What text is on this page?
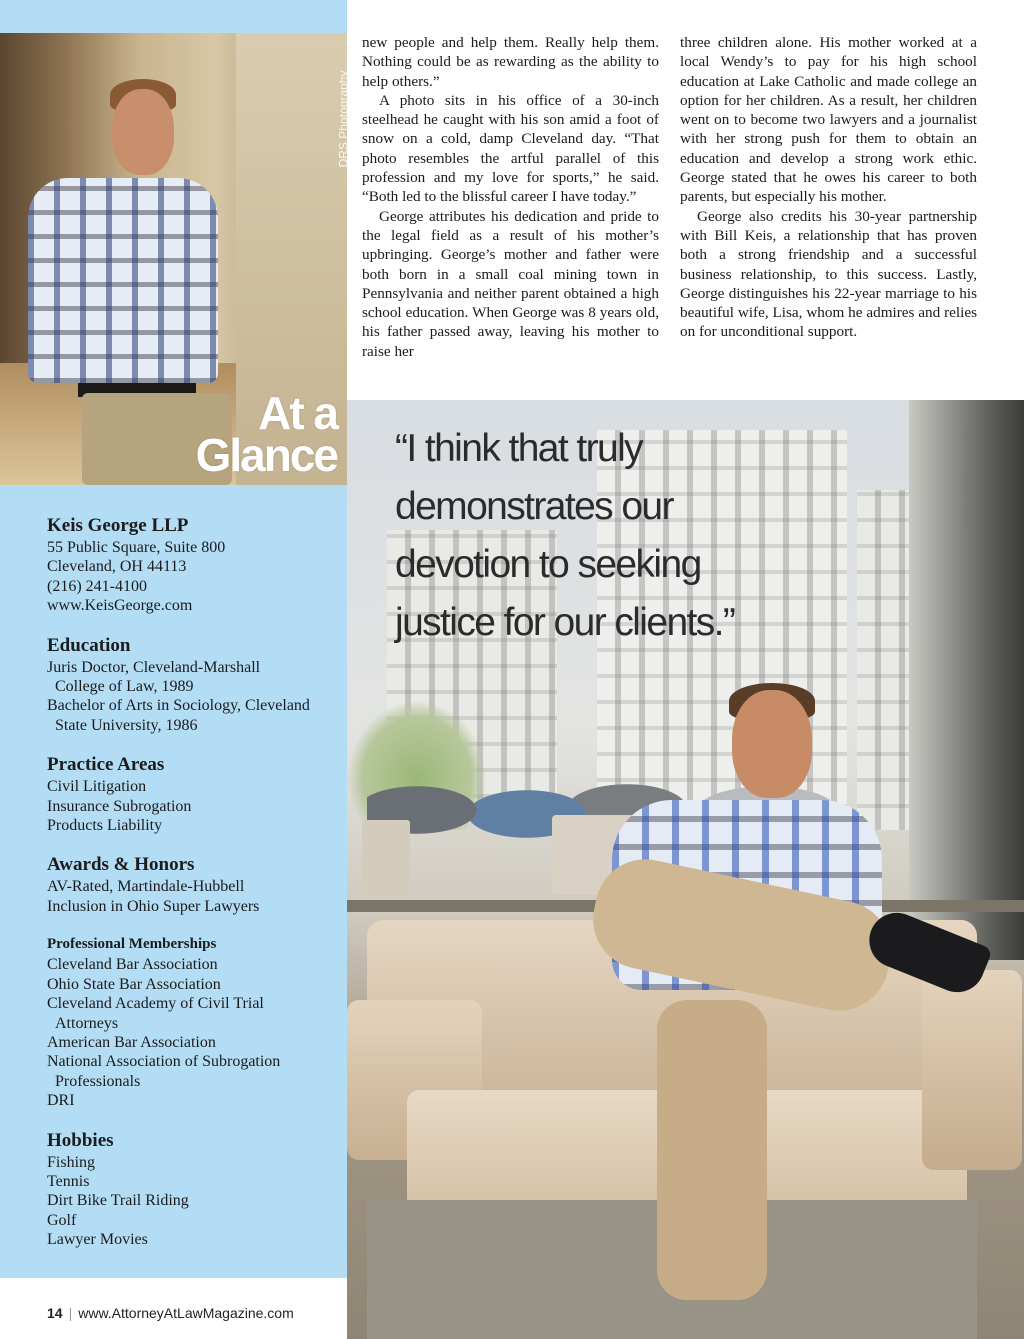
DRS Photography
At a
Glance
Keis George LLP
55 Public Square, Suite 800
Cleveland, OH 44113
(216) 241-4100
www.KeisGeorge.com
Education
Juris Doctor, Cleveland-Marshall
College of Law, 1989
Bachelor of Arts in Sociology, Cleveland
State University, 1986
Practice Areas
Civil Litigation
Insurance Subrogation
Products Liability
Awards & Honors
AV-Rated, Martindale-Hubbell
Inclusion in Ohio Super Lawyers
Professional Memberships
Cleveland Bar Association
Ohio State Bar Association
Cleveland Academy of Civil Trial
Attorneys
American Bar Association
National Association of Subrogation
Professionals
DRI
Hobbies
Fishing
Tennis
Dirt Bike Trail Riding
Golf
Lawyer Movies
14 | www.AttorneyAtLawMagazine.com

new people and help them. Really help them. Nothing could be as rewarding as the ability to help others.”

A photo sits in his office of a 30-inch steelhead he caught with his son amid a foot of snow on a cold, damp Cleveland day. “That photo resembles the artful parallel of this profession and my love for sports,” he said. “Both led to the blissful career I have today.”

George attributes his dedication and pride to the legal field as a result of his mother’s upbringing. George’s mother and father were both born in a small coal mining town in Pennsylvania and neither parent obtained a high school education. When George was 8 years old, his father passed away, leaving his mother to raise her

three children alone. His mother worked at a local Wendy’s to pay for his high school education at Lake Catholic and made college an option for her children. As a result, her children went on to become two lawyers and a journalist with her strong push for them to obtain an education and develop a strong work ethic. George stated that he owes his career to both parents, but especially his mother.

George also credits his 30-year partnership with Bill Keis, a relationship that has proven both a strong friendship and a successful business relationship, to this success. Lastly, George distinguishes his 22-year marriage to his beautiful wife, Lisa, whom he admires and relies on for unconditional support.

DRS Photography
“I think that truly
demonstrates our
devotion to seeking
justice for our clients.”
